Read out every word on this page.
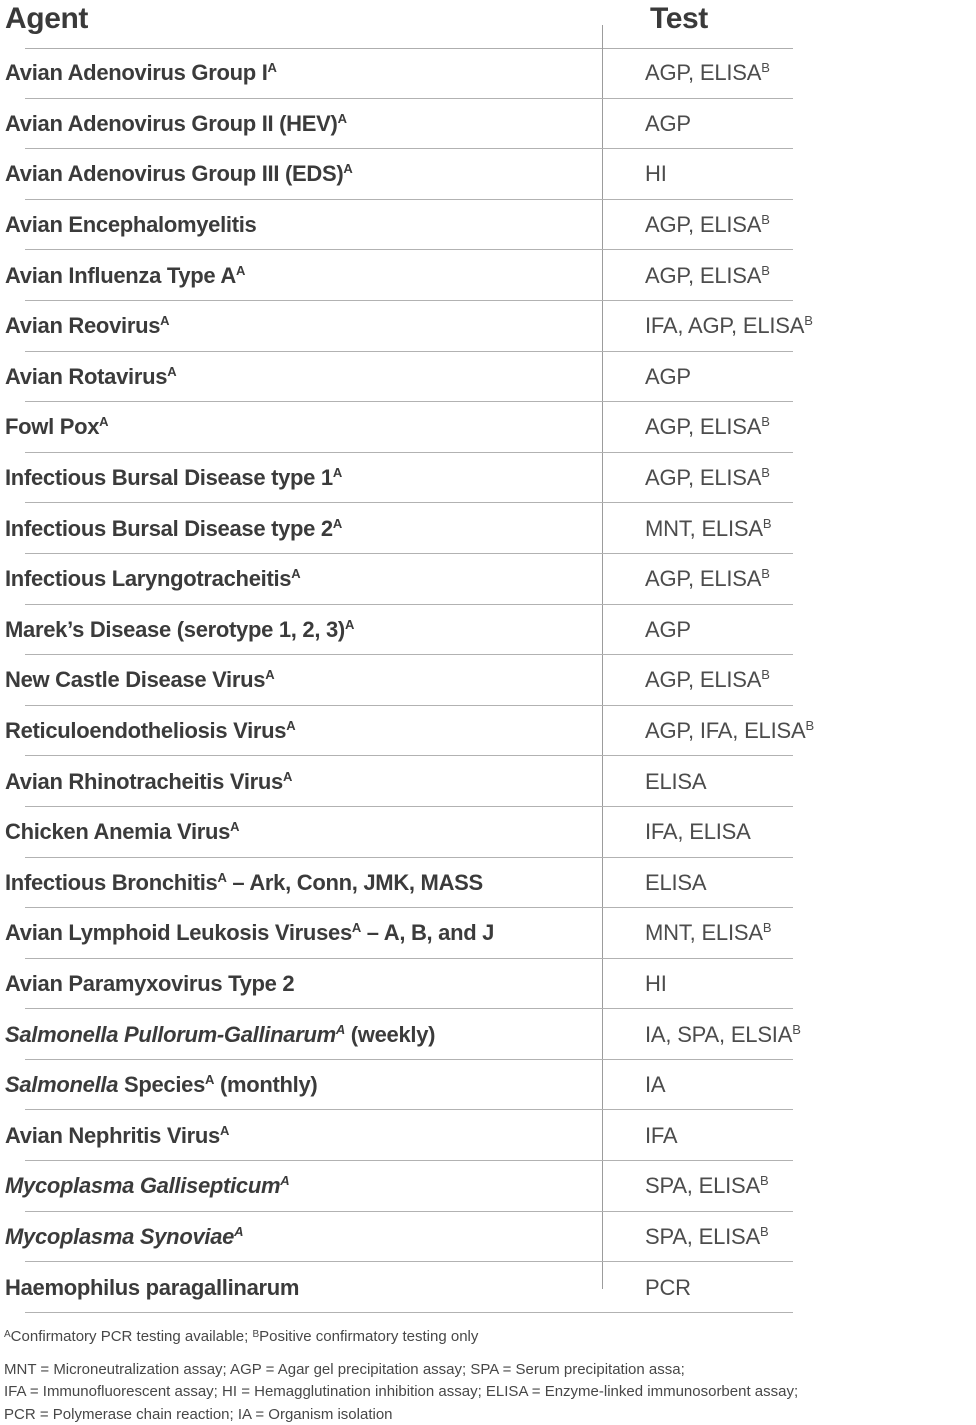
Agent	Test
Avian Adenovirus Group $I^A$	AGP, $ELISA^B$
Avian Adenovirus Group II (HEV)$^A$	AGP
Avian Adenovirus Group III (EDS)$^A$	HI
Avian Encephalomyelitis	AGP, $ELISA^B$
Avian Influenza Type $A^A$	AGP, $ELISA^B$
Avian Reovirus$^A$	IFA, AGP, $ELISA^B$
Avian Rotavirus$^A$	AGP
Fowl Pox$^A$	AGP, $ELISA^B$
Infectious Bursal Disease type $1^A$	AGP, $ELISA^B$
Infectious Bursal Disease type $2^A$	MNT, $ELISA^B$
Infectious Laryngotracheitis$^A$	AGP, $ELISA^B$
Marek’s Disease (serotype 1, 2, 3)$^A$	AGP
New Castle Disease Virus$^A$	AGP, $ELISA^B$
Reticuloendotheliosis Virus$^A$	AGP, IFA, $ELISA^B$
Avian Rhinotracheitis Virus$^A$	ELISA
Chicken Anemia Virus$^A$	IFA, ELISA
Infectious Bronchitis$^A$ – Ark, Conn, JMK, MASS	ELISA
Avian Lymphoid Leukosis Viruses$^A$ – A, B, and J	MNT, $ELISA^B$
Avian Paramyxovirus Type 2	HI
Salmonella Pullorum-Gallinarum$^A$ (weekly)	IA, SPA, $ELSIA^B$
Salmonella Species$^A$ (monthly)	IA
Avian Nephritis Virus$^A$	IFA
Mycoplasma Gallisepticum$^A$	SPA, $ELISA^B$
Mycoplasma Synoviae$^A$	SPA, $ELISA^B$
Haemophilus paragallinarum	PCR
$^A$Confirmatory PCR testing available; $^B$Positive confirmatory testing only
MNT = Microneutralization assay; AGP = Agar gel precipitation assay; SPA = Serum precipitation assa;
IFA = Immunofluorescent assay; HI = Hemagglutination inhibition assay; ELISA = Enzyme-linked immunosorbent assay;
PCR = Polymerase chain reaction; IA = Organism isolation
